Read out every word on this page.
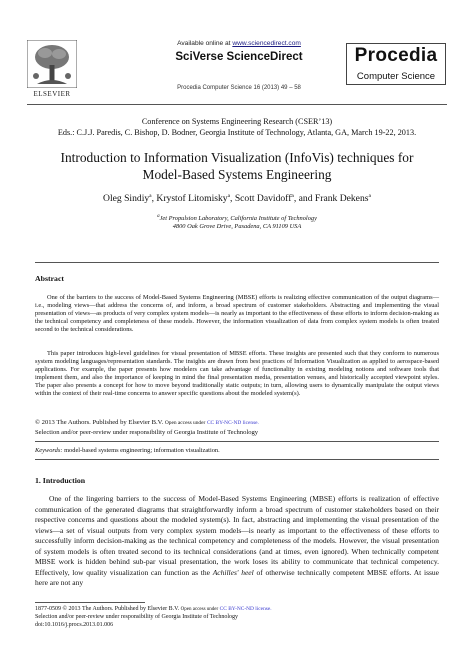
ELSEVIER
Available online at www.sciencedirect.com
SciVerse ScienceDirect
Procedia Computer Science 16 (2013) 49 – 58
Procedia
Computer Science
Conference on Systems Engineering Research (CSER’13)
Eds.: C.J.J. Paredis, C. Bishop, D. Bodner, Georgia Institute of Technology, Atlanta, GA, March 19-22, 2013.
Introduction to Information Visualization (InfoVis) techniques for
Model-Based Systems Engineering
Oleg Sindiy$^a$, Krystof Litomisky$^a$, Scott Davidoff$^a$, and Frank Dekens$^a$
$^a$Jet Propulsion Laboratory, California Institute of Technology
4800 Oak Grove Drive, Pasadena, CA 91109 USA
Abstract
One of the barriers to the success of Model-Based Systems Engineering (MBSE) efforts is realizing effective communication of the output diagrams—i.e., modeling views—that address the concerns of, and inform, a broad spectrum of customer stakeholders. Abstracting and implementing the visual presentation of views—as products of very complex system models—is nearly as important to the effectiveness of these efforts to inform decision-making as the technical competency and completeness of these models. However, the information visualization of data from complex system models is often treated second to the technical considerations.
This paper introduces high-level guidelines for visual presentation of MBSE efforts. These insights are presented such that they conform to numerous system modeling languages/representation standards. The insights are drawn from best practices of Information Visualization as applied to aerospace-based applications. For example, the paper presents how modelers can take advantage of functionality in existing modeling notions and software tools that implement them, and also the importance of keeping in mind the final presentation media, presentation venues, and historically accepted viewpoint styles. The paper also presents a concept for how to move beyond traditionally static outputs; in turn, allowing users to dynamically manipulate the output views within the context of their real-time concerns to answer specific questions about the modeled system(s).
© 2013 The Authors. Published by Elsevier B.V. Open access under CC BY-NC-ND license.
Selection and/or peer-review under responsibility of Georgia Institute of Technology
Keywords: model-based systems engineering; information visualization.
1. Introduction
One of the lingering barriers to the success of Model-Based Systems Engineering (MBSE) efforts is realization of effective communication of the generated diagrams that straightforwardly inform a broad spectrum of customer stakeholders based on their respective concerns and questions about the modeled system(s). In fact, abstracting and implementing the visual presentation of the views—a set of visual outputs from very complex system models—is nearly as important to the effectiveness of these efforts to successfully inform decision-making as the technical competency and completeness of the models. However, the visual presentation of system models is often treated second to its technical considerations (and at times, even ignored). When technically competent MBSE work is hidden behind sub-par visual presentation, the work loses its ability to communicate that technical competency. Effectively, low quality visualization can function as the Achilles' heel of otherwise technically competent MBSE efforts. At issue here are not any
1877-0509 © 2013 The Authors. Published by Elsevier B.V. Open access under CC BY-NC-ND license.
Selection and/or peer-review under responsibility of Georgia Institute of Technology
doi:10.1016/j.procs.2013.01.006
